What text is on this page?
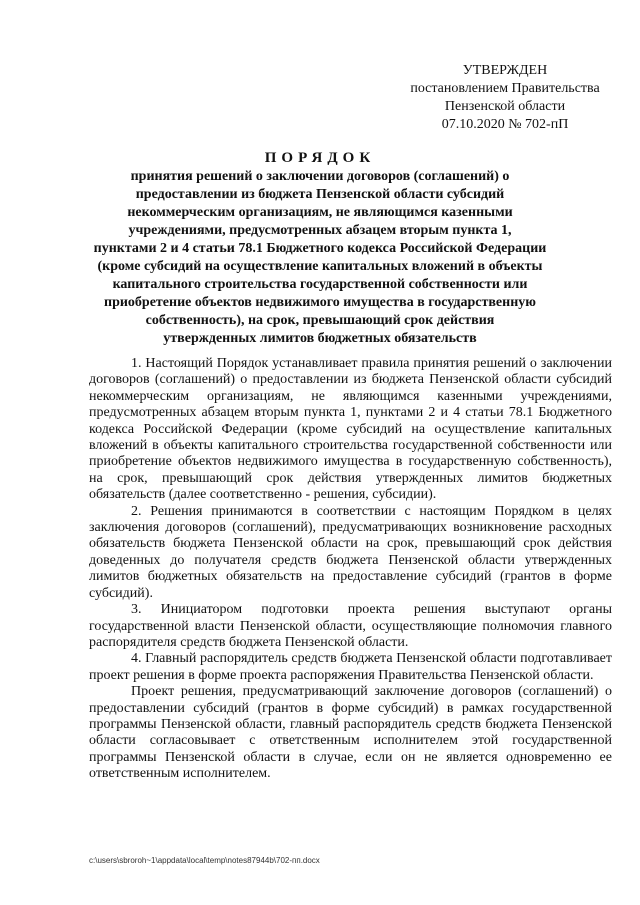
УТВЕРЖДЕН
постановлением Правительства
Пензенской области
07.10.2020 № 702-пП
ПОРЯДОК
принятия решений о заключении договоров (соглашений) о
предоставлении из бюджета Пензенской области субсидий
некоммерческим организациям, не являющимся казенными
учреждениями, предусмотренных абзацем вторым пункта 1,
пунктами 2 и 4 статьи 78.1 Бюджетного кодекса Российской Федерации
(кроме субсидий на осуществление капитальных вложений в объекты
капитального строительства государственной собственности или
приобретение объектов недвижимого имущества в государственную
собственность), на срок, превышающий срок действия
утвержденных лимитов бюджетных обязательств

1. Настоящий Порядок устанавливает правила принятия решений о заключении договоров (соглашений) о предоставлении из бюджета Пензенской области субсидий некоммерческим организациям, не являющимся казенными учреждениями, предусмотренных абзацем вторым пункта 1, пунктами 2 и 4 статьи 78.1 Бюджетного кодекса Российской Федерации (кроме субсидий на осуществление капитальных вложений в объекты капитального строительства государственной собственности или приобретение объектов недвижимого имущества в государственную собственность), на срок, превышающий срок действия утвержденных лимитов бюджетных обязательств (далее соответственно - решения, субсидии).

2. Решения принимаются в соответствии с настоящим Порядком в целях заключения договоров (соглашений), предусматривающих возникновение расходных обязательств бюджета Пензенской области на срок, превышающий срок действия доведенных до получателя средств бюджета Пензенской области утвержденных лимитов бюджетных обязательств на предоставление субсидий (грантов в форме субсидий).

3. Инициатором подготовки проекта решения выступают органы государственной власти Пензенской области, осуществляющие полномочия главного распорядителя средств бюджета Пензенской области.

4. Главный распорядитель средств бюджета Пензенской области подготавливает проект решения в форме проекта распоряжения Правительства Пензенской области.

Проект решения, предусматривающий заключение договоров (соглашений) о предоставлении субсидий (грантов в форме субсидий) в рамках государственной программы Пензенской области, главный распорядитель средств бюджета Пензенской области согласовывает с ответственным исполнителем этой государственной программы Пензенской области в случае, если он не является одновременно ее ответственным исполнителем.

c:\users\sbroroh~1\appdata\local\temp\notes87944b\702-пп.docx
